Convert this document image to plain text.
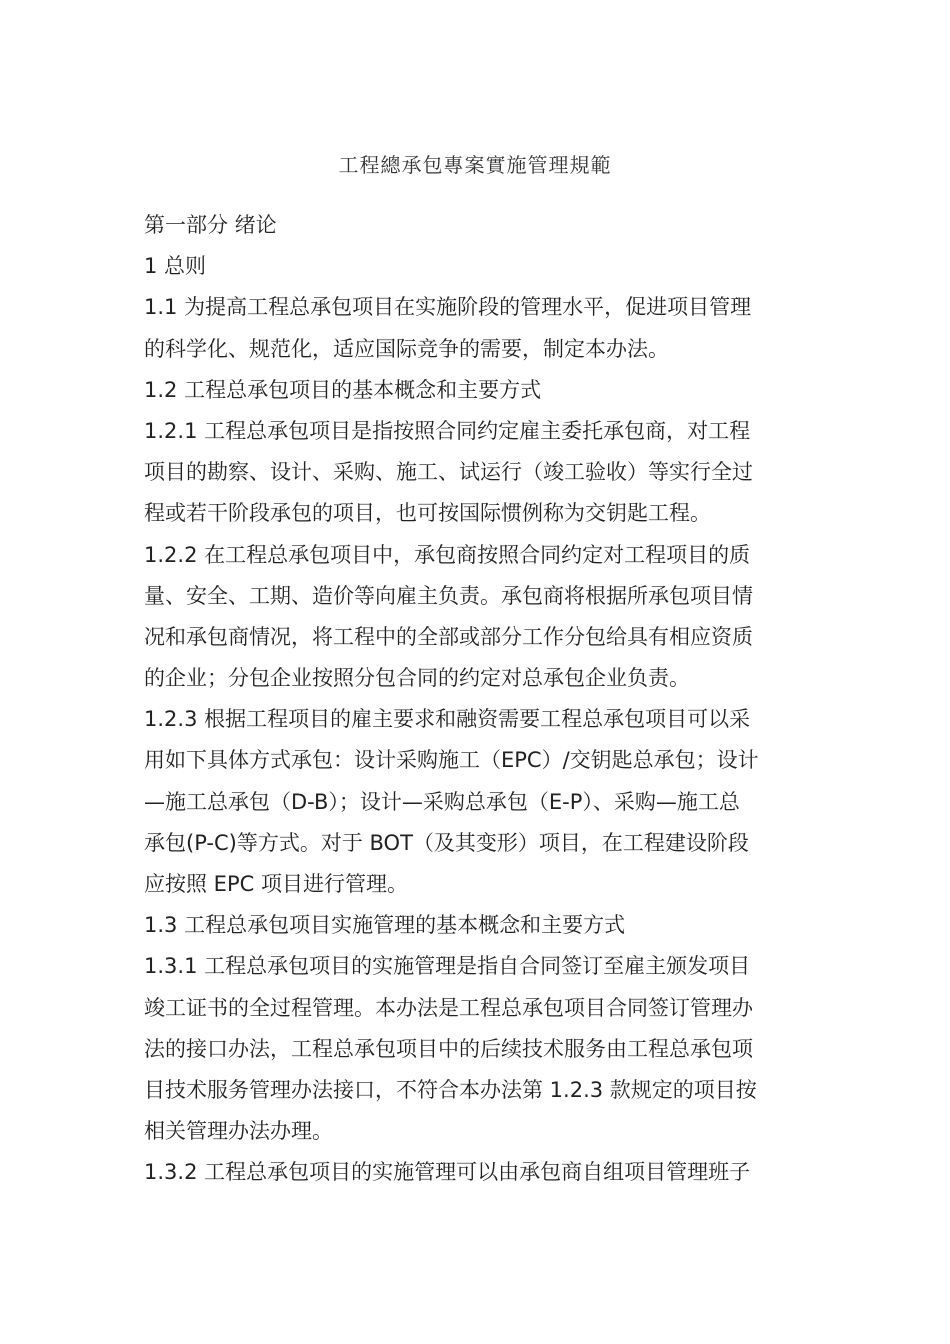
工程總承包專案實施管理規範

第一部分 绪论

1 总则

1.1 为提高工程总承包项目在实施阶段的管理水平，促进项目管理
的科学化、规范化，适应国际竞争的需要，制定本办法。

1.2 工程总承包项目的基本概念和主要方式

1.2.1 工程总承包项目是指按照合同约定雇主委托承包商，对工程
项目的勘察、设计、采购、施工、试运行（竣工验收）等实行全过
程或若干阶段承包的项目，也可按国际惯例称为交钥匙工程。

1.2.2 在工程总承包项目中，承包商按照合同约定对工程项目的质
量、安全、工期、造价等向雇主负责。承包商将根据所承包项目情
况和承包商情况，将工程中的全部或部分工作分包给具有相应资质
的企业；分包企业按照分包合同的约定对总承包企业负责。

1.2.3 根据工程项目的雇主要求和融资需要工程总承包项目可以采
用如下具体方式承包：设计采购施工（EPC）/交钥匙总承包；设计
—施工总承包（D-B）；设计—采购总承包（E-P）、采购—施工总
承包(P-C)等方式。对于 BOT（及其变形）项目，在工程建设阶段
应按照 EPC 项目进行管理。

1.3 工程总承包项目实施管理的基本概念和主要方式

1.3.1 工程总承包项目的实施管理是指自合同签订至雇主颁发项目
竣工证书的全过程管理。本办法是工程总承包项目合同签订管理办
法的接口办法，工程总承包项目中的后续技术服务由工程总承包项
目技术服务管理办法接口，不符合本办法第 1.2.3 款规定的项目按
相关管理办法办理。

1.3.2 工程总承包项目的实施管理可以由承包商自组项目管理班子
